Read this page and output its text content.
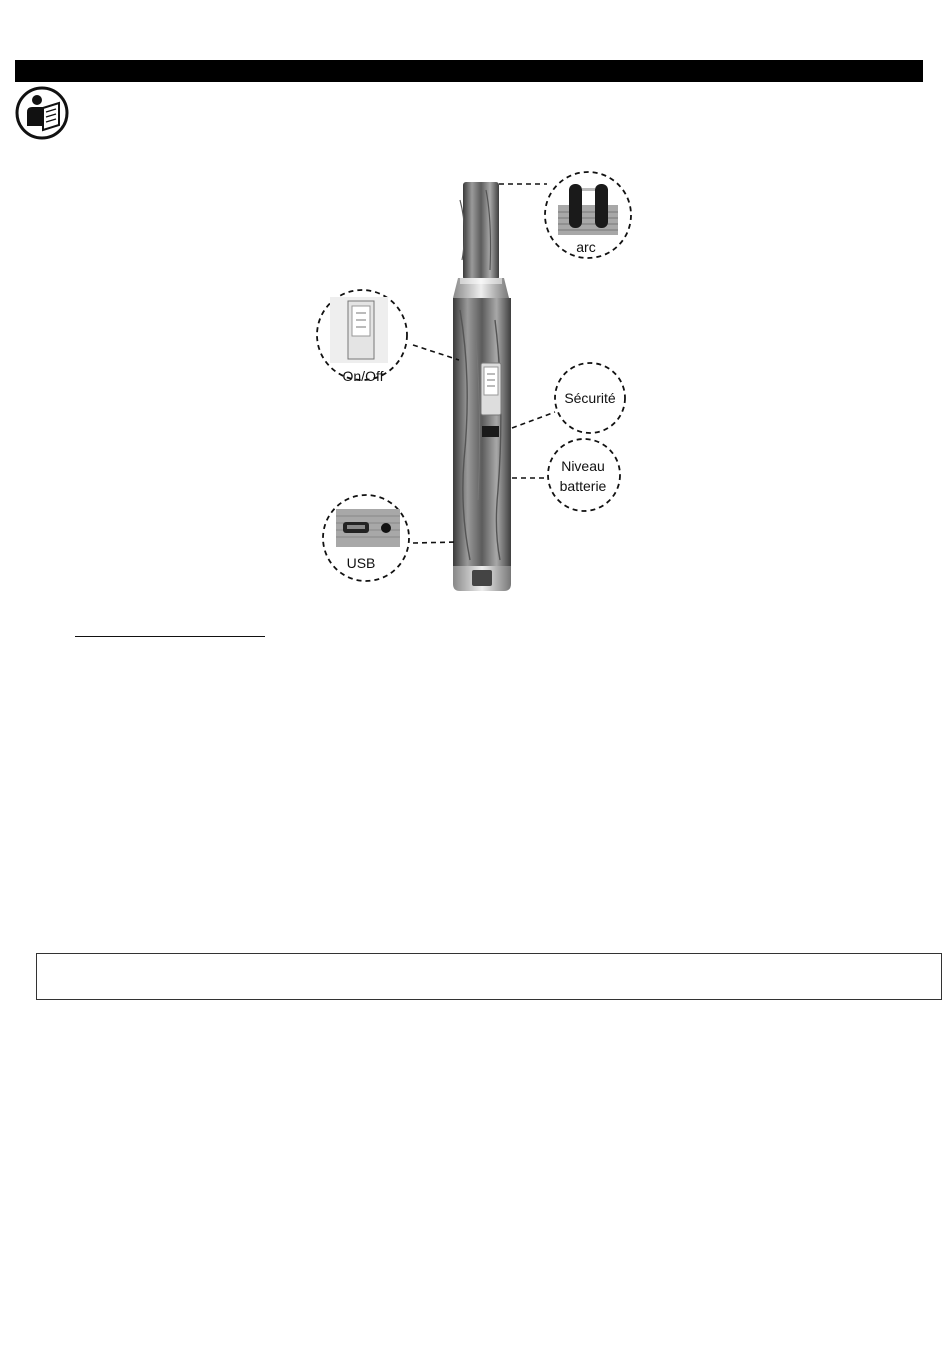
arc
On/Off
Sécurité
Niveau
batterie
USB
